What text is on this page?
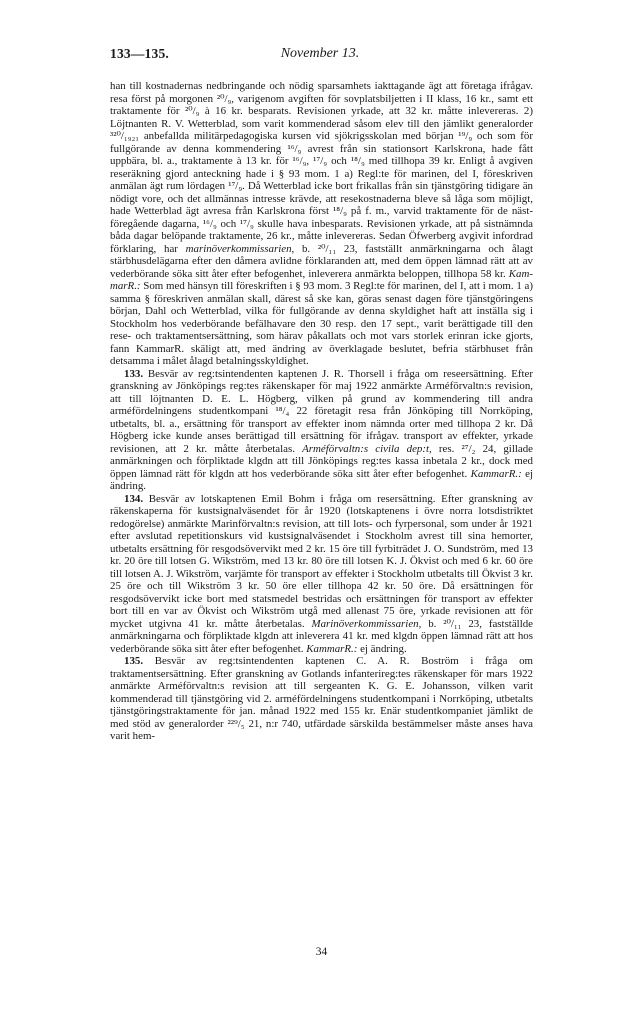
133—135.	November 13.

han till kostnadernas nedbringande och nödig sparsamhets iakttagande ägt att företaga ifrågav. resa först på morgonen ²⁰/₉, varigenom avgiften för sovplatsbiljetten i II klass, 16 kr., samt ett traktamente för ²⁰/₉ à 16 kr. besparats. Revisionen yrkade, att 32 kr. måtte inlevereras. 2) Löjtnanten R. V. Wetterblad, som varit kommenderad såsom elev till den jämlikt generalorder ³²⁰/₁₉₂₁ anbefallda militärpedagogiska kursen vid sjökrigsskolan med början ¹⁹/₉ och som för fullgörande av denna kommendering ¹⁶/₉ avrest från sin stationsort Karlskrona, hade fått uppbära, bl. a., traktamente à 13 kr. för ¹⁶/₉, ¹⁷/₉ och ¹⁸/₉ med tillhopa 39 kr. Enligt å avgiven reseräkning gjord anteckning hade i § 93 mom. 1 a) Regl:te för marinen, del I, föreskriven anmälan ägt rum lördagen ¹⁷/₉. Då Wetterblad icke bort frikallas från sin tjänstgöring tidigare än nödigt vore, och det allmännas intresse krävde, att resekostnaderna bleve så låga som möjligt, hade Wetterblad ägt avresa från Karlskrona först ¹⁸/₉ på f. m., varvid traktamente för de näst-föregående dagarna, ¹⁶/₉ och ¹⁷/₉ skulle hava inbesparats. Revisionen yrkade, att på sistnämnda båda dagar belöpande traktamente, 26 kr., måtte inlevereras. Sedan Öfwerberg avgivit infordrad förklaring, har marinöverkommissarien, b. ²⁰/₁₁ 23, fastställt anmärkningarna och ålagt stärbhusdelägarna efter den dåmera avlidne förklaranden att, med dem öppen lämnad rätt att av vederbörande söka sitt åter efter befogenhet, inleverera anmärkta beloppen, tillhopa 58 kr. Kam-marR.: Som med hänsyn till föreskriften i § 93 mom. 3 Regl:te för marinen, del I, att i mom. 1 a) samma § föreskriven anmälan skall, därest så ske kan, göras senast dagen före tjänstgöringens början, Dahl och Wetterblad, vilka för fullgörande av denna skyldighet haft att inställa sig i Stockholm hos vederbörande befälhavare den 30 resp. den 17 sept., varit berättigade till den rese- och traktamentsersättning, som härav påkallats och mot vars storlek erinran icke gjorts, fann KammarR. skäligt att, med ändring av överklagade beslutet, befria stärbhuset från detsamma i målet ålagd betalningsskyldighet.

133. Besvär av reg:tsintendenten kaptenen J. R. Thorsell i fråga om reseersättning. Efter granskning av Jönköpings reg:tes räkenskaper för maj 1922 anmärkte Arméförvaltn:s revision, att till löjtnanten D. E. L. Högberg, vilken på grund av kommendering till andra arméfördelningens studentkompani ¹⁸/₄ 22 företagit resa från Jönköping till Norrköping, utbetalts, bl. a., ersättning för transport av effekter inom nämnda orter med tillhopa 2 kr. Då Högberg icke kunde anses berättigad till ersättning för ifrågav. transport av effekter, yrkade revisionen, att 2 kr. måtte återbetalas. Arméförvaltn:s civila dep:t, res. ²⁷/₂ 24, gillade anmärkningen och förpliktade klgdn att till Jönköpings reg:tes kassa inbetala 2 kr., dock med öppen lämnad rätt för klgdn att hos vederbörande söka sitt åter efter befogenhet. KammarR.: ej ändring.

134. Besvär av lotskaptenen Emil Bohm i fråga om resersättning. Efter granskning av räkenskaperna för kustsignalväsendet för år 1920 (lotskaptenens i övre norra lotsdistriktet redogörelse) anmärkte Marinförvaltn:s revision, att till lots- och fyrpersonal, som under år 1921 efter avslutad repetitionskurs vid kustsignalväsendet i Stockholm avrest till sina hemorter, utbetalts ersättning för resgodsövervikt med 2 kr. 15 öre till fyrbiträdet J. O. Sundström, med 13 kr. 20 öre till lotsen G. Wikström, med 13 kr. 80 öre till lotsen K. J. Ökvist och med 6 kr. 60 öre till lotsen A. J. Wikström, varjämte för transport av effekter i Stockholm utbetalts till Ökvist 3 kr. 25 öre och till Wikström 3 kr. 50 öre eller tillhopa 42 kr. 50 öre. Då ersättningen för resgodsövervikt icke bort med statsmedel bestridas och ersättningen för transport av effekter bort till en var av Ökvist och Wikström utgå med allenast 75 öre, yrkade revisionen att för mycket utgivna 41 kr. måtte återbetalas. Marinöverkommissarien, b. ²⁰/₁₁ 23, fastställde anmärkningarna och förpliktade klgdn att inleverera 41 kr. med klgdn öppen lämnad rätt att hos vederbörande söka sitt åter efter befogenhet. KammarR.: ej ändring.

135. Besvär av reg:tsintendenten kaptenen C. A. R. Boström i fråga om traktamentsersättning. Efter granskning av Gotlands infanterireg:tes räkenskaper för mars 1922 anmärkte Arméförvaltn:s revision att till sergeanten K. G. E. Johansson, vilken varit kommenderad till tjänstgöring vid 2. arméfördelningens studentkompani i Norrköping, utbetalts tjänstgöringstraktamente för jan. månad 1922 med 155 kr. Enär studentkompaniet jämlikt de med stöd av generalorder ²²⁹/₅ 21, n:r 740, utfärdade särskilda bestämmelser måste anses hava varit hem-

34
